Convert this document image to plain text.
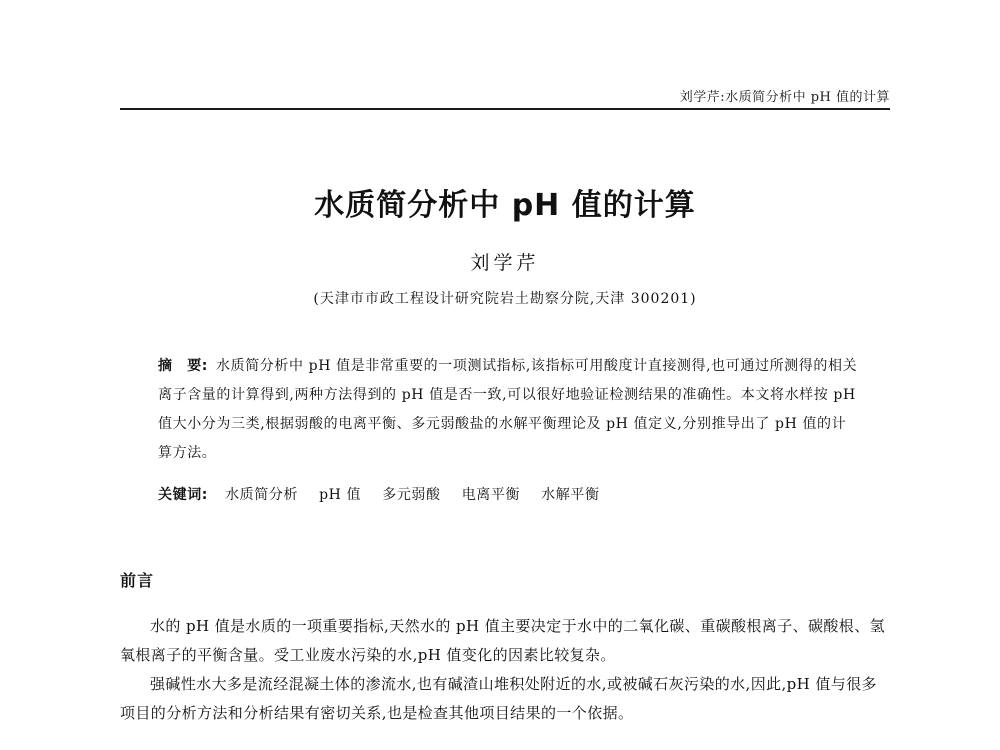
刘学芹:水质简分析中 pH 值的计算
水质简分析中 pH 值的计算
刘学芹
(天津市市政工程设计研究院岩土勘察分院,天津 300201)
摘　要: 水质简分析中 pH 值是非常重要的一项测试指标,该指标可用酸度计直接测得,也可通过所测得的相关离子含量的计算得到,两种方法得到的 pH 值是否一致,可以很好地验证检测结果的准确性。本文将水样按 pH 值大小分为三类,根据弱酸的电离平衡、多元弱酸盐的水解平衡理论及 pH 值定义,分别推导出了 pH 值的计算方法。
关键词: 水质简分析 pH 值 多元弱酸 电离平衡 水解平衡
前言

水的 pH 值是水质的一项重要指标,天然水的 pH 值主要决定于水中的二氧化碳、重碳酸根离子、碳酸根、氢氧根离子的平衡含量。受工业废水污染的水,pH 值变化的因素比较复杂。

强碱性水大多是流经混凝土体的渗流水,也有碱渣山堆积处附近的水,或被碱石灰污染的水,因此,pH 值与很多项目的分析方法和分析结果有密切关系,也是检查其他项目结果的一个依据。
